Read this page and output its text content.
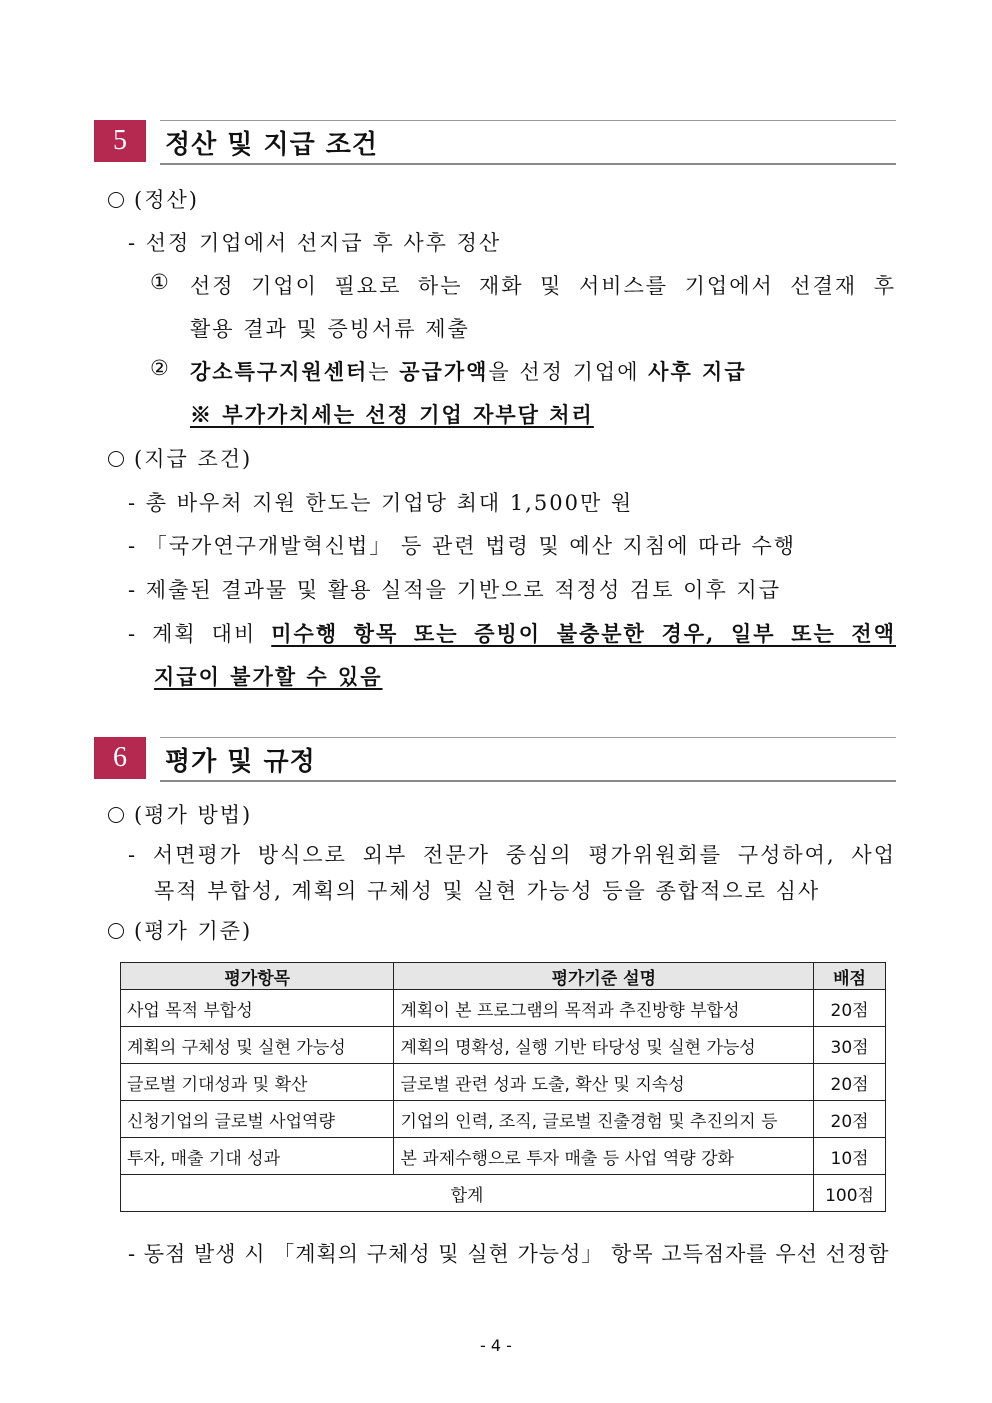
5 정산 및 지급 조건
(정산)
- 선정 기업에서 선지급 후 사후 정산
① 선정 기업이 필요로 하는 재화 및 서비스를 기업에서 선결재 후
활용 결과 및 증빙서류 제출
② 강소특구지원센터는 공급가액을 선정 기업에 사후 지급
※ 부가가치세는 선정 기업 자부담 처리
(지급 조건)
- 총 바우처 지원 한도는 기업당 최대 1,500만 원
- 「국가연구개발혁신법」 등 관련 법령 및 예산 지침에 따라 수행
- 제출된 결과물 및 활용 실적을 기반으로 적정성 검토 이후 지급
- 계획 대비 미수행 항목 또는 증빙이 불충분한 경우, 일부 또는 전액
지급이 불가할 수 있음
6 평가 및 규정
(평가 방법)
- 서면평가 방식으로 외부 전문가 중심의 평가위원회를 구성하여, 사업
목적 부합성, 계획의 구체성 및 실현 가능성 등을 종합적으로 심사
(평가 기준)
평가항목	평가기준 설명	배점
사업 목적 부합성	계획이 본 프로그램의 목적과 추진방향 부합성	20점
계획의 구체성 및 실현 가능성	계획의 명확성, 실행 기반 타당성 및 실현 가능성	30점
글로벌 기대성과 및 확산	글로벌 관련 성과 도출, 확산 및 지속성	20점
신청기업의 글로벌 사업역량	기업의 인력, 조직, 글로벌 진출경험 및 추진의지 등	20점
투자, 매출 기대 성과	본 과제수행으로 투자 매출 등 사업 역량 강화	10점
합계		100점
- 동점 발생 시 「계획의 구체성 및 실현 가능성」 항목 고득점자를 우선 선정함
- 4 -
